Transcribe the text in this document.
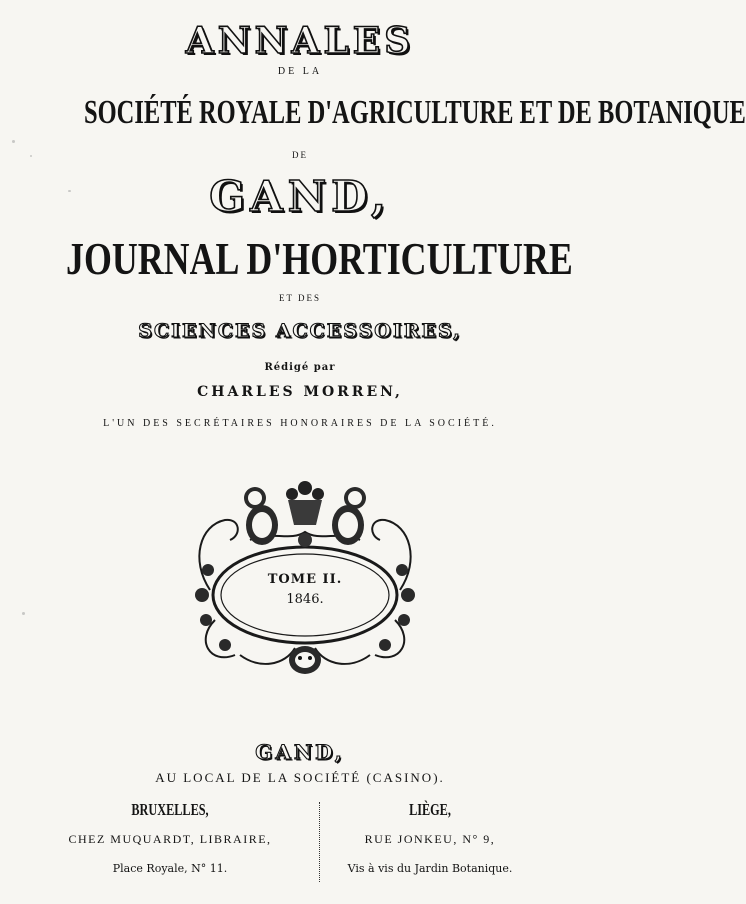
ANNALES
DE LA
SOCIÉTÉ ROYALE D'AGRICULTURE ET DE BOTANIQUE
DE
GAND,
JOURNAL D'HORTICULTURE
ET DES
SCIENCES ACCESSOIRES,
Rédigé par
CHARLES MORREN,
L'UN DES SECRÉTAIRES HONORAIRES DE LA SOCIÉTÉ.
TOME II.
1846.
GAND,
AU LOCAL DE LA SOCIÉTÉ (CASINO).
BRUXELLES,
CHEZ MUQUARDT, LIBRAIRE,
Place Royale, N° 11.
LIÈGE,
RUE JONKEU, N° 9,
Vis à vis du Jardin Botanique.
